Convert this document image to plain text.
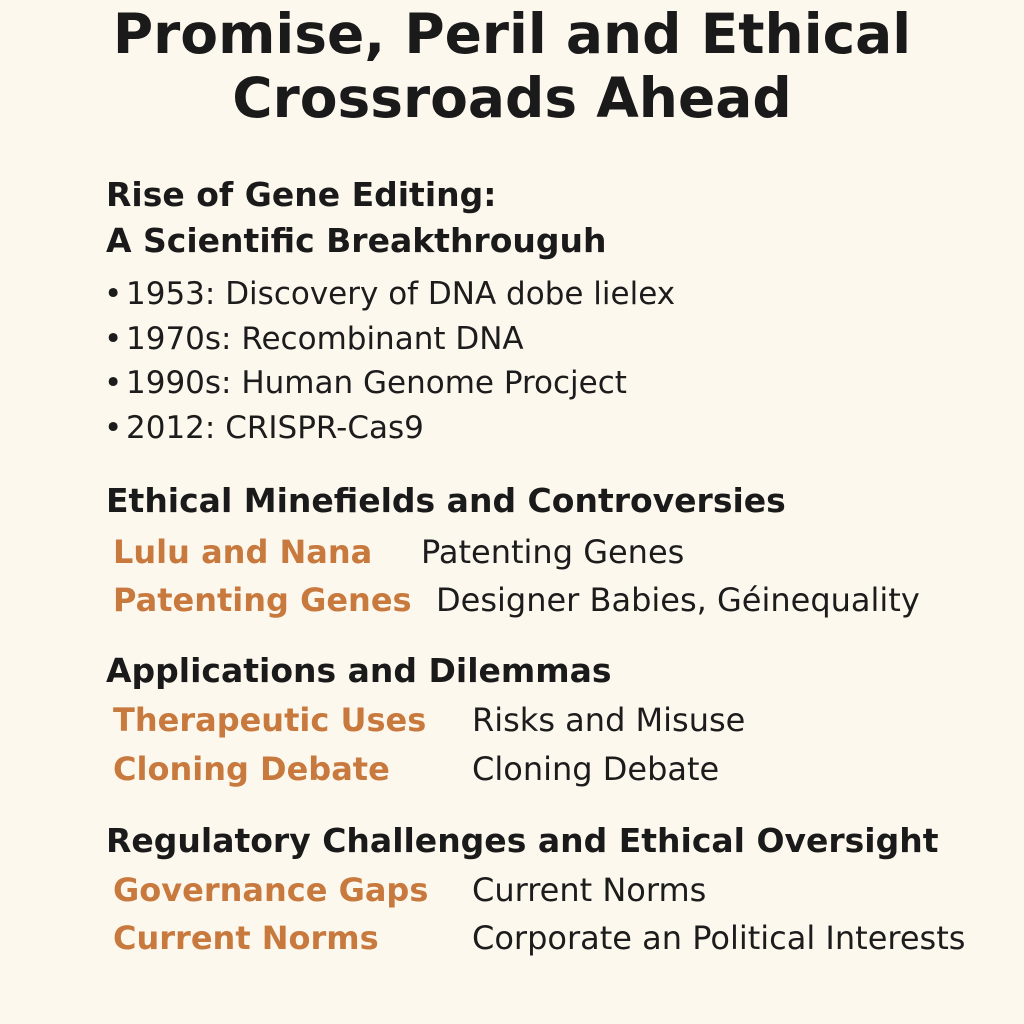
Promise, Peril and Ethical Crossroads Ahead
Rise of Gene Editing:
A Scientific Breakthrouguh
• 1953: Discovery of DNA dobe lielex
• 1970s: Recombinant DNA
• 1990s: Human Genome Procject
• 2012: CRISPR-Cas9
Ethical Minefields and Controversies
Lulu and Nana Patenting Genes
Patenting Genes Designer Babies, Géinequality
Applications and Dilemmas
Therapeutic Uses Risks and Misuse
Cloning Debate	Cloning Debate
Regulatory Challenges and Ethical Oversight
Governance Gaps Current Norms
Current Norms	Corporate an Political Interests
